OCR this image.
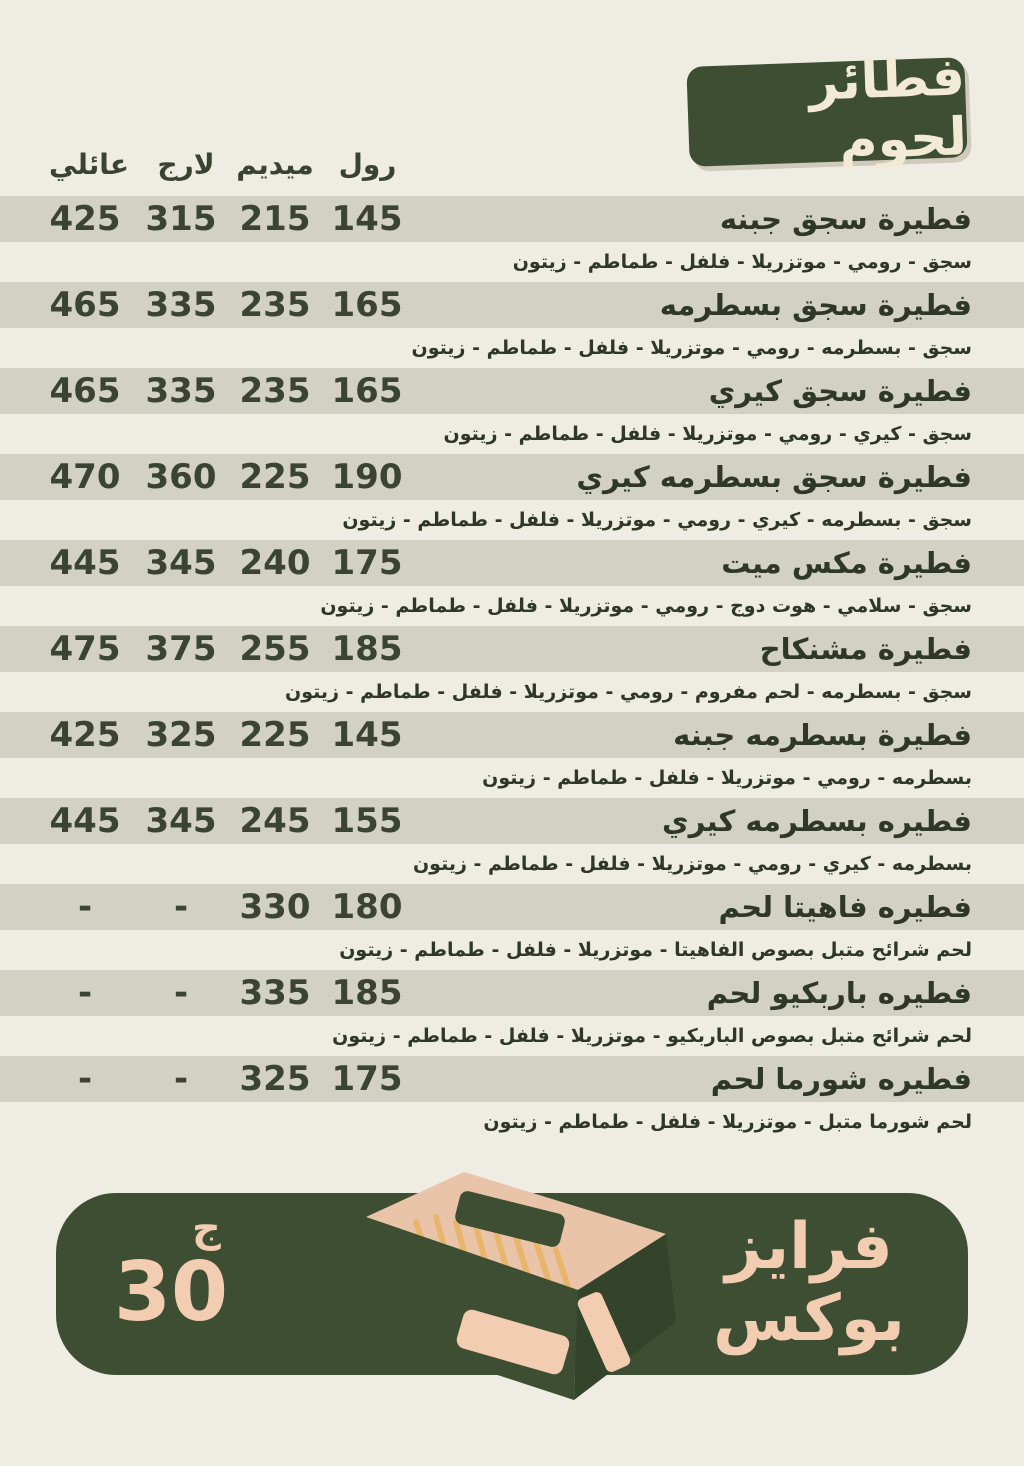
فطائر لحوم
رول
ميديم
لارج
عائلي
فطيرة سجق جبنه
145
215
315
425
سجق - رومي - موتزريلا - فلفل - طماطم - زيتون
فطيرة سجق بسطرمه
165
235
335
465
سجق - بسطرمه - رومي - موتزريلا - فلفل - طماطم - زيتون
فطيرة سجق كيري
165
235
335
465
سجق - كيري - رومي - موتزريلا - فلفل - طماطم - زيتون
فطيرة سجق بسطرمه كيري
190
225
360
470
سجق - بسطرمه - كيري - رومي - موتزريلا - فلفل - طماطم - زيتون
فطيرة مكس ميت
175
240
345
445
سجق - سلامي - هوت دوج - رومي - موتزريلا - فلفل - طماطم - زيتون
فطيرة مشنكاح
185
255
375
475
سجق - بسطرمه - لحم مفروم - رومي - موتزريلا - فلفل - طماطم - زيتون
فطيرة بسطرمه جبنه
145
225
325
425
بسطرمه - رومي - موتزريلا - فلفل - طماطم - زيتون
فطيره بسطرمه كيري
155
245
345
445
بسطرمه - كيري - رومي - موتزريلا - فلفل - طماطم - زيتون
فطيره فاهيتا لحم
180
330
-
-
لحم شرائح متبل بصوص الفاهيتا - موتزريلا - فلفل - طماطم - زيتون
فطيره باربكيو لحم
185
335
-
-
لحم شرائح متبل بصوص الباربكيو - موتزريلا - فلفل - طماطم - زيتون
فطيره شورما لحم
175
325
-
-
لحم شورما متبل - موتزريلا - فلفل - طماطم - زيتون
فرايز
بوكس
ج
30
